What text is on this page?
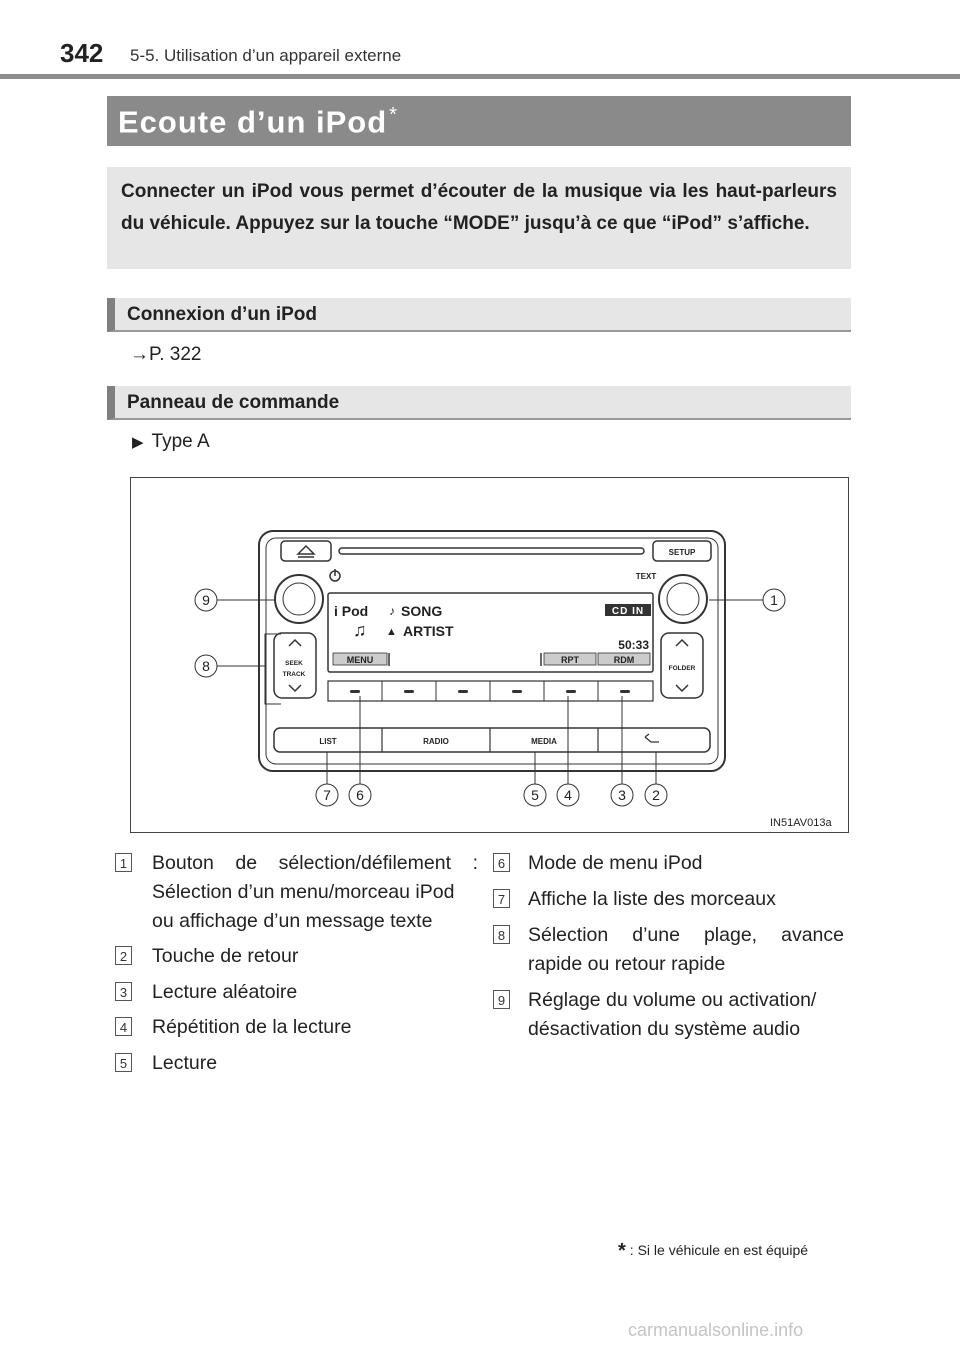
342 5-5. Utilisation d’un appareil externe
Ecoute d’un iPod *
Connecter un iPod vous permet d’écouter de la musique via les haut-parleurs du véhicule. Appuyez sur la touche “MODE” jusqu’à ce que “iPod” s’affiche.
Connexion d’un iPod
→P. 322
Panneau de commande
▶ Type A
SETUP
TEXT
i Pod ♪ SONG
♫ ▲ ARTIST
CD IN
50:33
MENU	RPT	RDM
SEEK
TRACK
FOLDER
LIST	RADIO	MEDIA
9	1
8
7 6	5 4	3 2
IN51AV013a
1 Bouton de sélection/défilement :
Sélection d’un menu/morceau iPod
ou affichage d’un message texte
2 Touche de retour
3 Lecture aléatoire
4 Répétition de la lecture
5 Lecture
6 Mode de menu iPod
7 Affiche la liste des morceaux
8 Sélection d’une plage, avance
rapide ou retour rapide
9 Réglage du volume ou activation/
désactivation du système audio
* : Si le véhicule en est équipé
carmanualsonline.info
